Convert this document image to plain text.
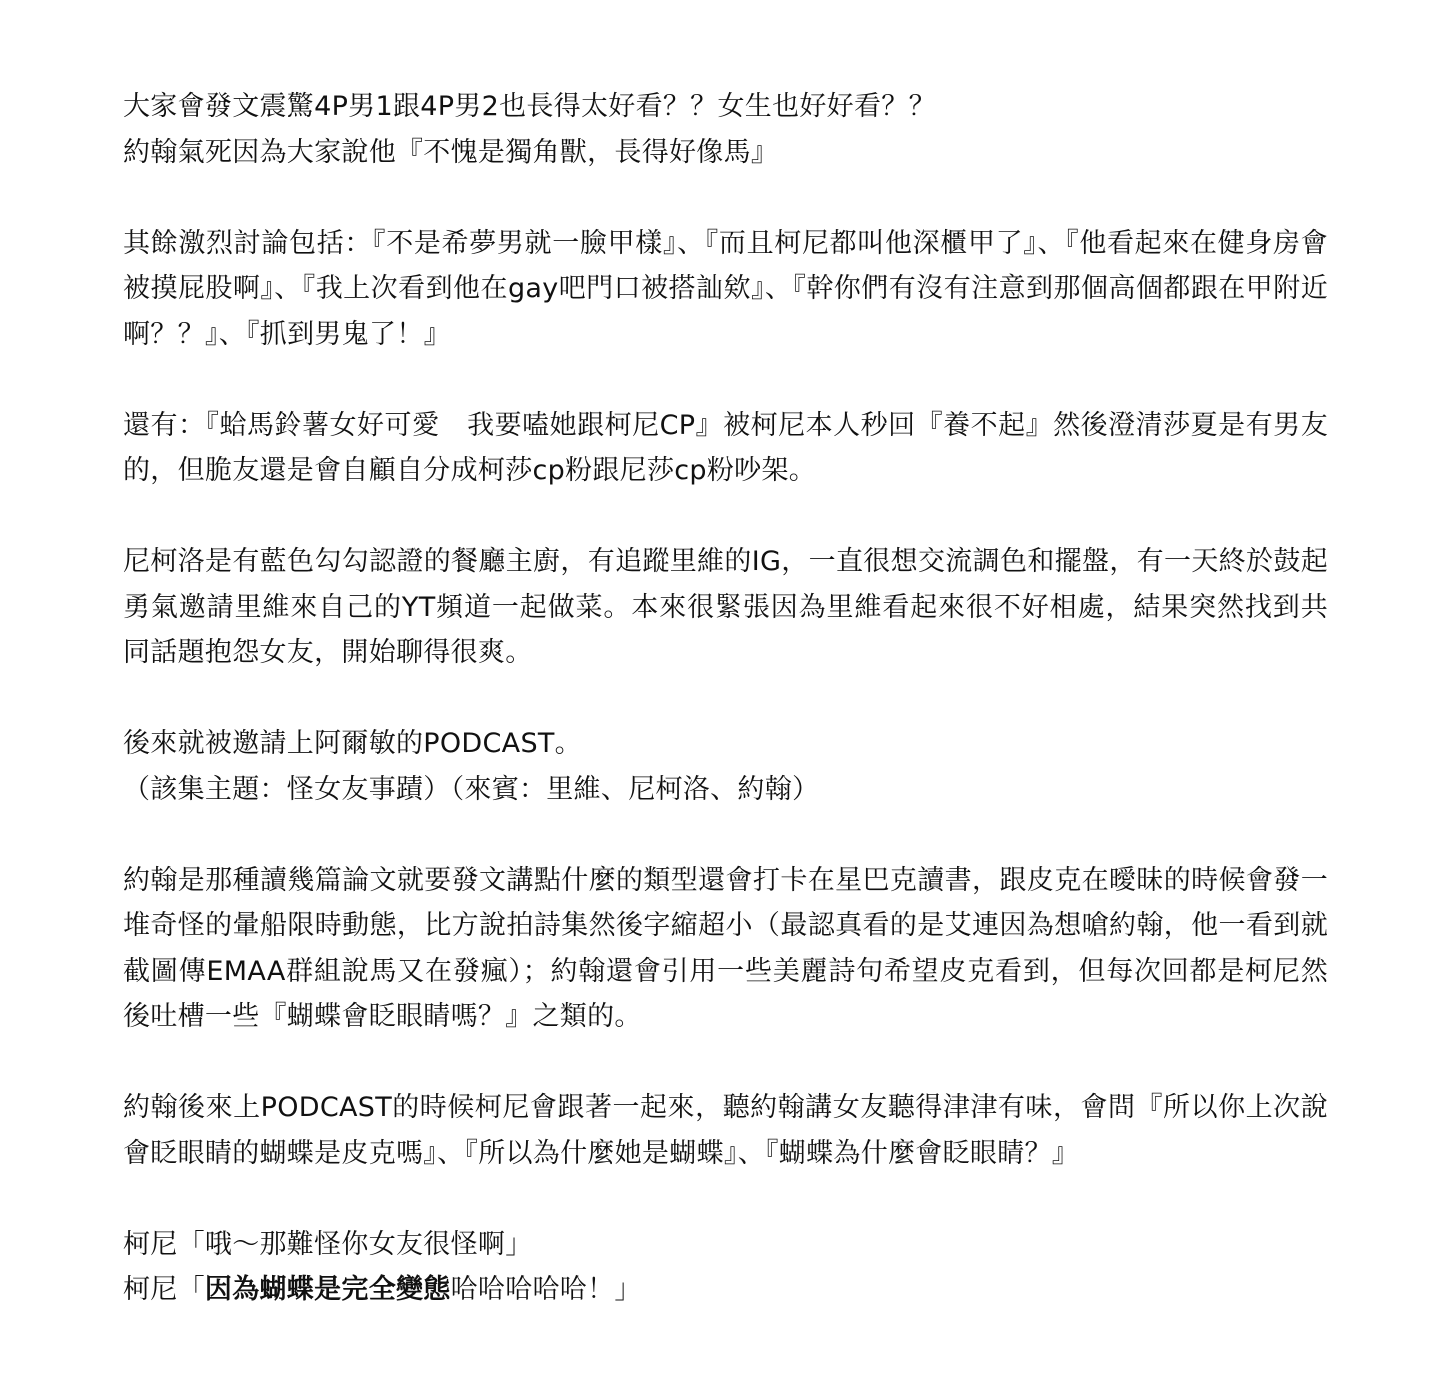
大家會發文震驚4P男1跟4P男2也長得太好看？？女生也好好看？？
約翰氣死因為大家說他『不愧是獨角獸，長得好像馬』
其餘激烈討論包括：『不是希夢男就一臉甲樣』、『而且柯尼都叫他深櫃甲了』、『他看起來在健身房會被摸屁股啊』、『我上次看到他在gay吧門口被搭訕欸』、『幹你們有沒有注意到那個高個都跟在甲附近啊？？』、『抓到男鬼了！』
還有：『蛤馬鈴薯女好可愛　我要嗑她跟柯尼CP』被柯尼本人秒回『養不起』然後澄清莎夏是有男友的，但脆友還是會自顧自分成柯莎cp粉跟尼莎cp粉吵架。
尼柯洛是有藍色勾勾認證的餐廳主廚，有追蹤里維的IG，一直很想交流調色和擺盤，有一天終於鼓起勇氣邀請里維來自己的YT頻道一起做菜。本來很緊張因為里維看起來很不好相處，結果突然找到共同話題抱怨女友，開始聊得很爽。
後來就被邀請上阿爾敏的PODCAST。
（該集主題：怪女友事蹟）（來賓：里維、尼柯洛、約翰）
約翰是那種讀幾篇論文就要發文講點什麼的類型還會打卡在星巴克讀書，跟皮克在曖昧的時候會發一堆奇怪的暈船限時動態，比方說拍詩集然後字縮超小（最認真看的是艾連因為想嗆約翰，他一看到就截圖傳EMAA群組說馬又在發瘋）；約翰還會引用一些美麗詩句希望皮克看到，但每次回都是柯尼然後吐槽一些『蝴蝶會眨眼睛嗎？』之類的。
約翰後來上PODCAST的時候柯尼會跟著一起來，聽約翰講女友聽得津津有味，會問『所以你上次說會眨眼睛的蝴蝶是皮克嗎』、『所以為什麼她是蝴蝶』、『蝴蝶為什麼會眨眼睛？』
柯尼「哦～那難怪你女友很怪啊」
柯尼「因為蝴蝶是完全變態哈哈哈哈哈！」
